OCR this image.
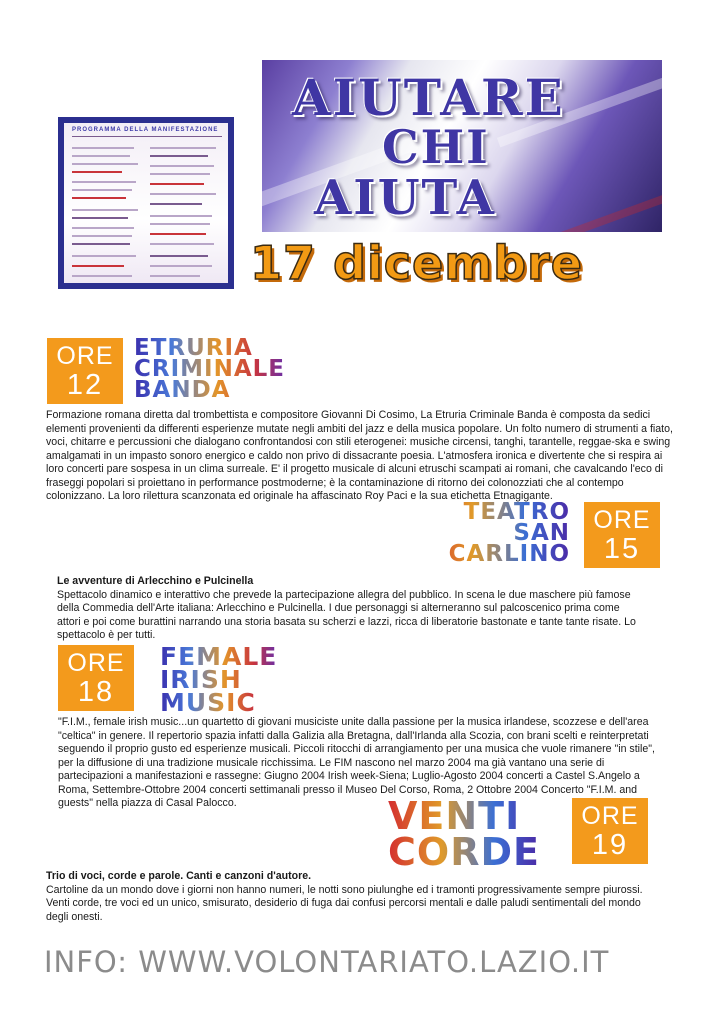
PROGRAMMA DELLA MANIFESTAZIONE
AIUTARE
CHI
AIUTA
17 dicembre
ORE
12
ETRURIA
CRIMINALE
BANDA
Formazione romana diretta dal trombettista e compositore Giovanni Di Cosimo, La Etruria Criminale Banda è composta da sedici elementi provenienti da differenti esperienze mutate negli ambiti del jazz e della musica popolare. Un folto numero di strumenti a fiato, voci, chitarre e percussioni che dialogano confrontandosi con stili eterogenei: musiche circensi, tanghi, tarantelle, reggae-ska e swing amalgamati in un impasto sonoro energico e caldo non privo di dissacrante poesia. L'atmosfera ironica e divertente che si respira ai loro concerti pare sospesa in un clima surreale. E' il progetto musicale di alcuni etruschi scampati ai romani, che cavalcando l'eco di fraseggi popolari si proiettano in performance postmoderne; è la contaminazione di ritorno dei colonozziati che al contempo colonizzano. La loro rilettura scanzonata ed originale ha affascinato Roy Paci e la sua etichetta Etnagigante.
TEATRO
SAN
CARLINO
ORE
15
Le avventure di Arlecchino e Pulcinella
Spettacolo dinamico e interattivo che prevede la partecipazione allegra del pubblico. In scena le due maschere più famose della Commedia dell'Arte italiana: Arlecchino e Pulcinella. I due personaggi si alterneranno sul palcoscenico prima come attori e poi come burattini narrando una storia basata su scherzi e lazzi, ricca di liberatorie bastonate e tante tante risate. Lo spettacolo è per tutti.
ORE
18
FEMALE
IRISH
MUSIC
"F.I.M., female irish music...un quartetto di giovani musiciste unite dalla passione per la musica irlandese, scozzese e dell'area "celtica" in genere. Il repertorio spazia infatti dalla Galizia alla Bretagna, dall'Irlanda alla Scozia, con brani scelti e reinterpretati seguendo il proprio gusto ed esperienze musicali. Piccoli ritocchi di arrangiamento per una musica che vuole rimanere "in stile", per la diffusione di una tradizione musicale ricchissima. Le FIM nascono nel marzo 2004 ma già vantano una serie di partecipazioni a manifestazioni e rassegne: Giugno 2004 Irish week-Siena; Luglio-Agosto 2004 concerti a Castel S.Angelo a Roma, Settembre-Ottobre 2004 concerti settimanali presso il Museo Del Corso, Roma, 2 Ottobre 2004 Concerto "F.I.M. and guests" nella piazza di Casal Palocco.	VENTI
CORDE
ORE
19
Trio di voci, corde e parole. Canti e canzoni d'autore.
Cartoline da un mondo dove i giorni non hanno numeri, le notti sono piulunghe ed i tramonti progressivamente sempre piurossi. Venti corde, tre voci ed un unico, smisurato, desiderio di fuga dai confusi percorsi mentali e dalle paludi sentimentali del mondo degli onesti.
INFO: WWW.VOLONTARIATO.LAZIO.IT
